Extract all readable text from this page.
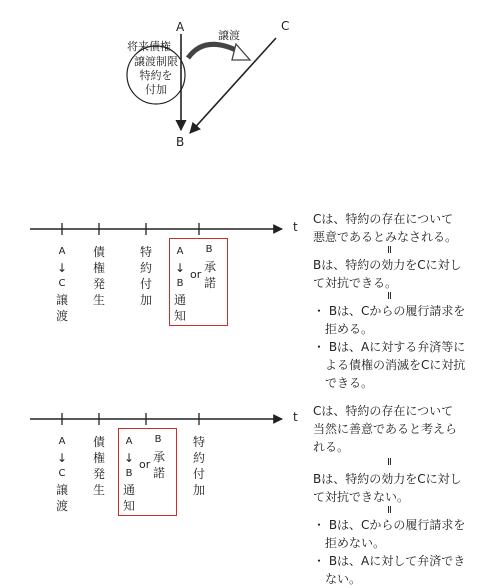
A
B
C
将来債権
譲渡
譲渡制限
特約を
付加
t
A
↓
C
譲
渡
債
権
発
生
特
約
付
加
A
↓
B
B
or
承
諾
通
知
Cは、特約の存在について
悪意であるとみなされる。
Ⅱ
Bは、特約の効力をCに対し
て対抗できる。
Ⅱ
・ Bは、Cからの履行請求を
拒める。
・ Bは、Aに対する弁済等に
よる債権の消滅をCに対抗
できる。
t
A
↓
C
譲
渡
債
権
発
生
A
↓
B
B
or
承
諾
通
知
特
約
付
加
Cは、特約の存在について
当然に善意であると考えら
れる。
Ⅱ
Bは、特約の効力をCに対し
て対抗できない。
Ⅱ
・ Bは、Cからの履行請求を
拒めない。
・ Bは、Aに対して弁済でき
ない。
